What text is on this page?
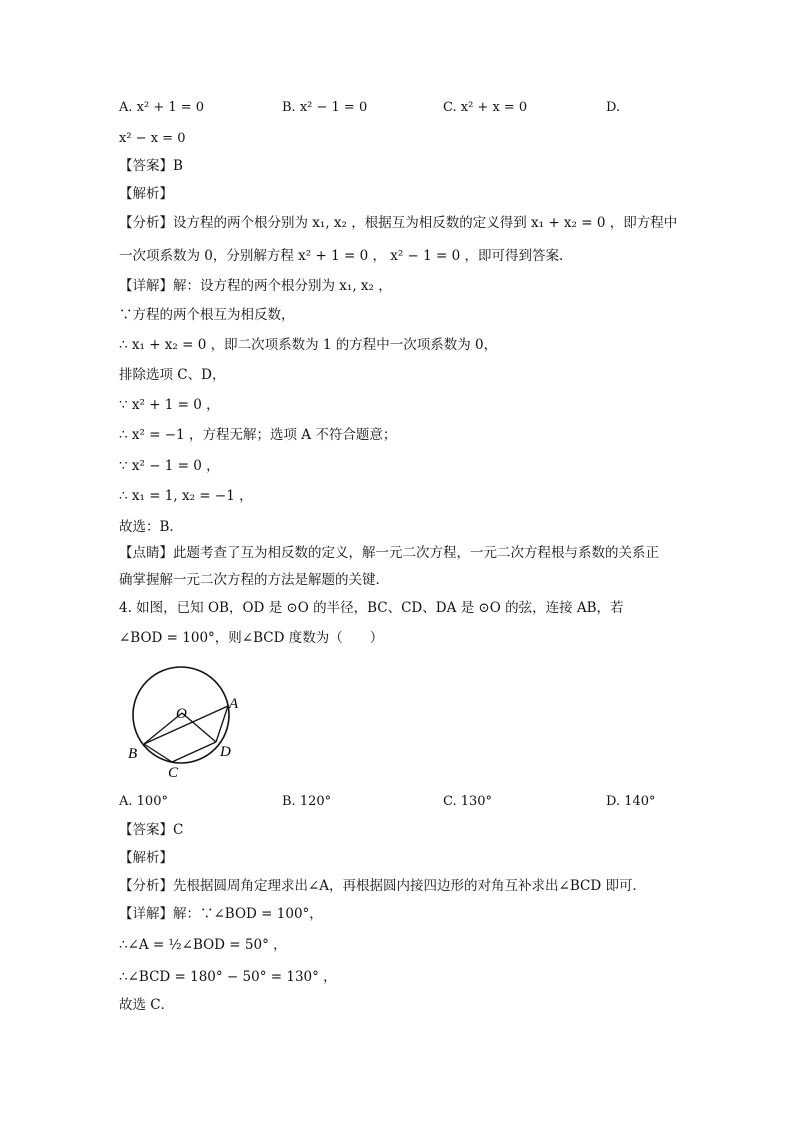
A. x² + 1 = 0	B. x² − 1 = 0	C. x² + x = 0	D.
x² − x = 0
【答案】B
【解析】
【分析】设方程的两个根分别为 x₁, x₂ ，根据互为相反数的定义得到 x₁ + x₂ = 0 ，即方程中
一次项系数为 0，分别解方程 x² + 1 = 0 ， x² − 1 = 0 ，即可得到答案.
【详解】解：设方程的两个根分别为 x₁, x₂ ，
∵方程的两个根互为相反数，
∴ x₁ + x₂ = 0 ，即二次项系数为 1 的方程中一次项系数为 0，
排除选项 C、D，
∵ x² + 1 = 0 ，
∴ x² = −1 ，方程无解；选项 A 不符合题意；
∵ x² − 1 = 0 ，
∴ x₁ = 1, x₂ = −1 ，
故选：B．
【点睛】此题考查了互为相反数的定义，解一元二次方程，一元二次方程根与系数的关系正
确掌握解一元二次方程的方法是解题的关键.
4. 如图，已知 OB，OD 是 ⊙O 的半径，BC、CD、DA 是 ⊙O 的弦，连接 AB，若
∠BOD = 100°，则∠BCD 度数为（　　）
O
A
B
C
D
A. 100°	B. 120°	C. 130°	D. 140°
【答案】C
【解析】
【分析】先根据圆周角定理求出∠A，再根据圆内接四边形的对角互补求出∠BCD 即可．
【详解】解：∵∠BOD = 100°，
∴∠A = ½∠BOD = 50° ，
∴∠BCD = 180° − 50° = 130° ，
故选 C．
